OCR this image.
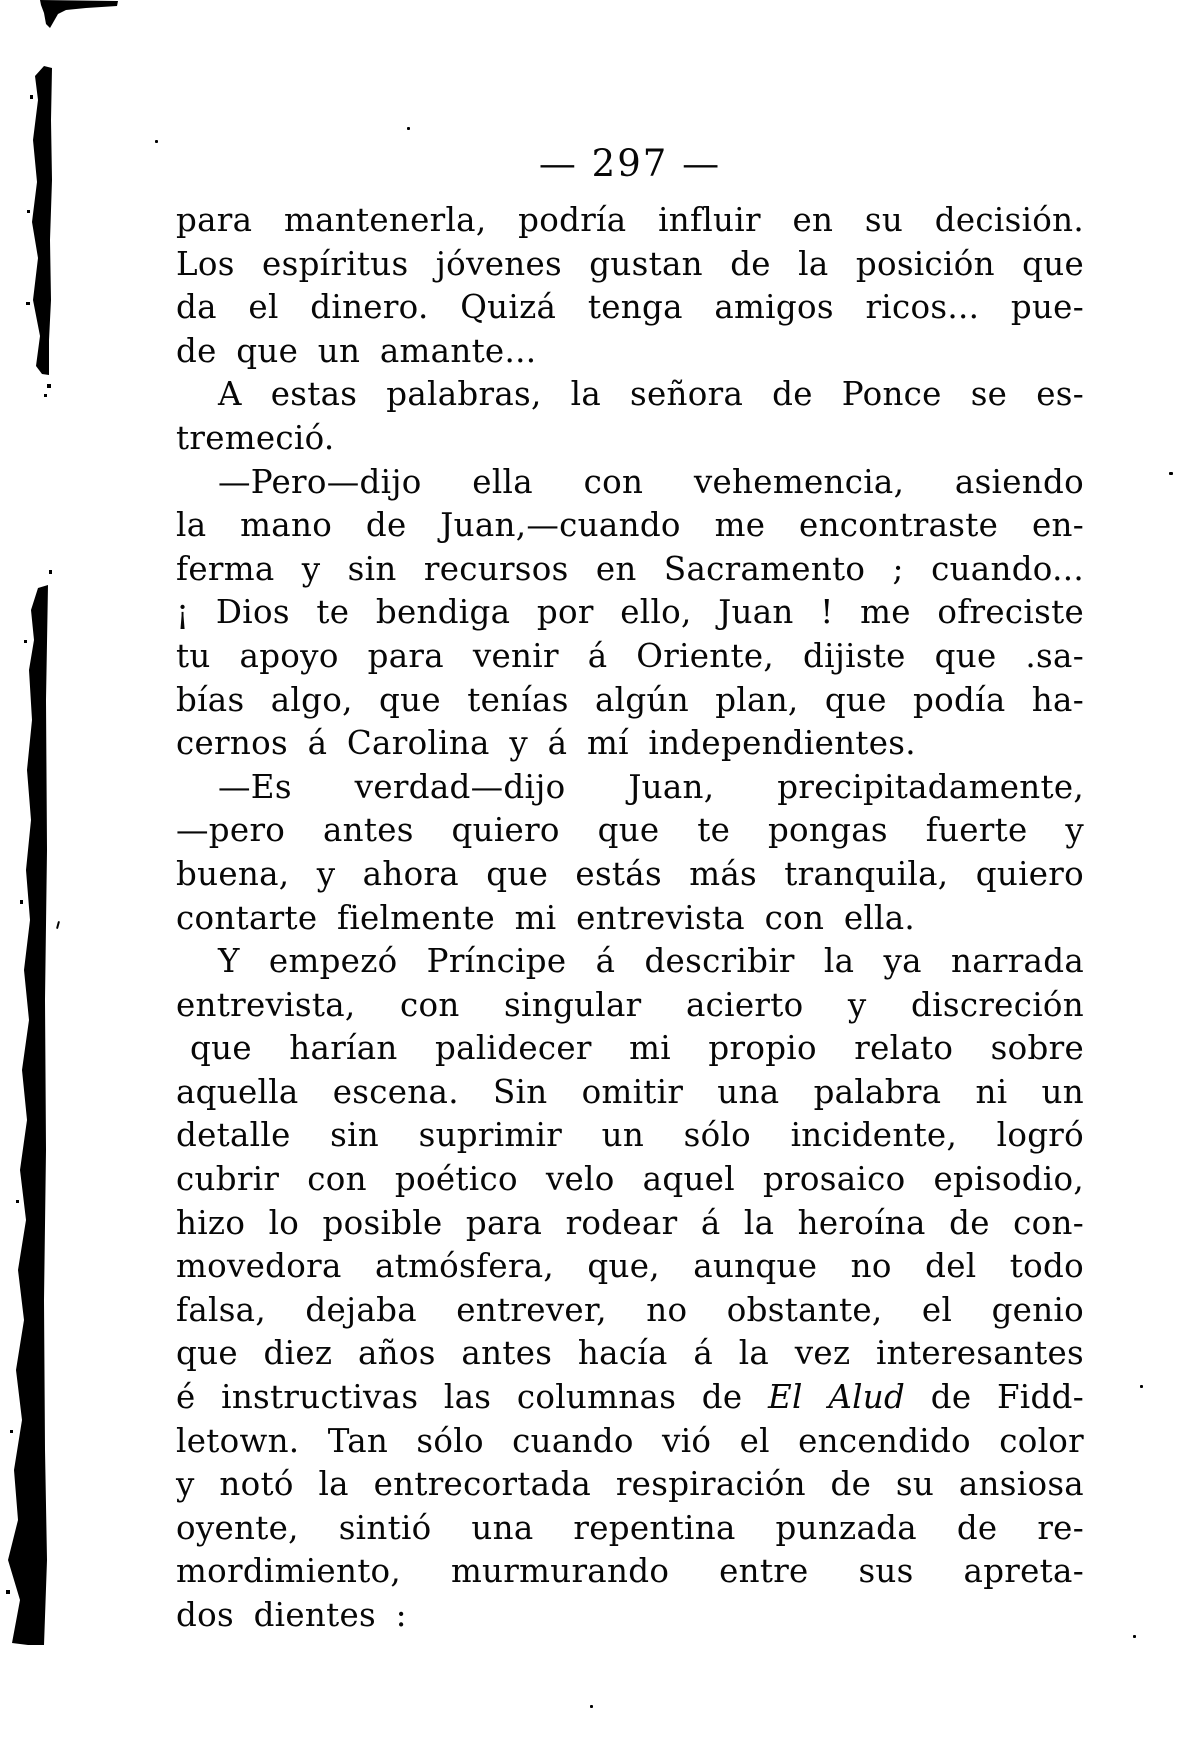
— 297 —
para mantenerla, podría influir en su decisión.
Los espíritus jóvenes gustan de la posición que
da el dinero. Quizá tenga amigos ricos... pue-
de que un amante...
A estas palabras, la señora de Ponce se es-
tremeció.
—Pero—dijo ella con vehemencia, asiendo
la mano de Juan,—cuando me encontraste en-
ferma y sin recursos en Sacramento ; cuando...
¡ Dios te bendiga por ello, Juan ! me ofreciste
tu apoyo para venir á Oriente, dijiste que .sa-
bías algo, que tenías algún plan, que podía ha-
cernos á Carolina y á mí independientes.
—Es verdad—dijo Juan, precipitadamente,
—pero antes quiero que te pongas fuerte y
buena, y ahora que estás más tranquila, quiero
contarte fielmente mi entrevista con ella.
Y empezó Príncipe á describir la ya narrada
entrevista, con singular acierto y discreción
que harían palidecer mi propio relato sobre
aquella escena. Sin omitir una palabra ni un
detalle sin suprimir un sólo incidente, logró
cubrir con poético velo aquel prosaico episodio,
hizo lo posible para rodear á la heroína de con-
movedora atmósfera, que, aunque no del todo
falsa, dejaba entrever, no obstante, el genio
que diez años antes hacía á la vez interesantes
é instructivas las columnas de El Alud de Fidd-
letown. Tan sólo cuando vió el encendido color
y notó la entrecortada respiración de su ansiosa
oyente, sintió una repentina punzada de re-
mordimiento, murmurando entre sus apreta-
dos dientes :
